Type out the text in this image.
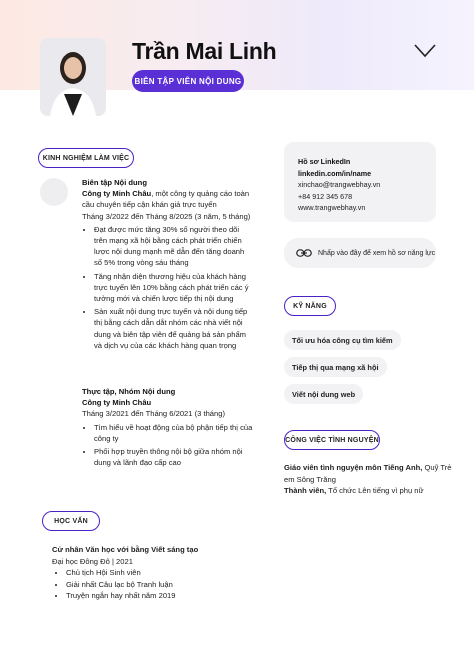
Trần Mai Linh
BIÊN TẬP VIÊN NỘI DUNG
KINH NGHIỆM LÀM VIỆC
Biên tập Nội dung
Công ty Minh Châu, một công ty quảng cáo toàn cầu chuyên tiếp cận khán giả trực tuyến
Tháng 3/2022 đến Tháng 8/2025 (3 năm, 5 tháng)
• Đạt được mức tăng 30% số người theo dõi trên mạng xã hội bằng cách phát triển chiến lược nội dung mạnh mẽ dẫn đến tăng doanh số 5% trong vòng sáu tháng
• Tăng nhận diện thương hiệu của khách hàng trực tuyến lên 10% bằng cách phát triển các ý tưởng mới và chiến lược tiếp thị nội dung
• Sản xuất nội dung trực tuyến và nội dung tiếp thị bằng cách dẫn dắt nhóm các nhà viết nội dung và biên tập viên để quảng bá sản phẩm và dịch vụ của các khách hàng quan trọng
Thực tập, Nhóm Nội dung
Công ty Minh Châu
Tháng 3/2021 đến Tháng 6/2021 (3 tháng)
• Tìm hiểu về hoạt động của bộ phận tiếp thị của công ty
• Phối hợp truyền thông nội bộ giữa nhóm nội dung và lãnh đạo cấp cao
HỌC VẤN
Cử nhân Văn học với bằng Viết sáng tạo
Đại học Đông Đô | 2021
• Chủ tịch Hội Sinh viên
• Giải nhất Câu lạc bộ Tranh luận
• Truyện ngắn hay nhất năm 2019
Hồ sơ LinkedIn linkedin.com/in/name
xinchao@trangwebhay.vn
+84 912 345 678
www.trangwebhay.vn
Nhấp vào đây để xem hồ sơ năng lực
KỸ NĂNG
Tối ưu hóa công cụ tìm kiếm
Tiếp thị qua mạng xã hội
Viết nội dung web
CÔNG VIỆC TÌNH NGUYỆN
Giáo viên tình nguyện môn Tiếng Anh, Quỹ Trẻ em Sông Trăng
Thành viên, Tổ chức Lên tiếng vì phụ nữ
